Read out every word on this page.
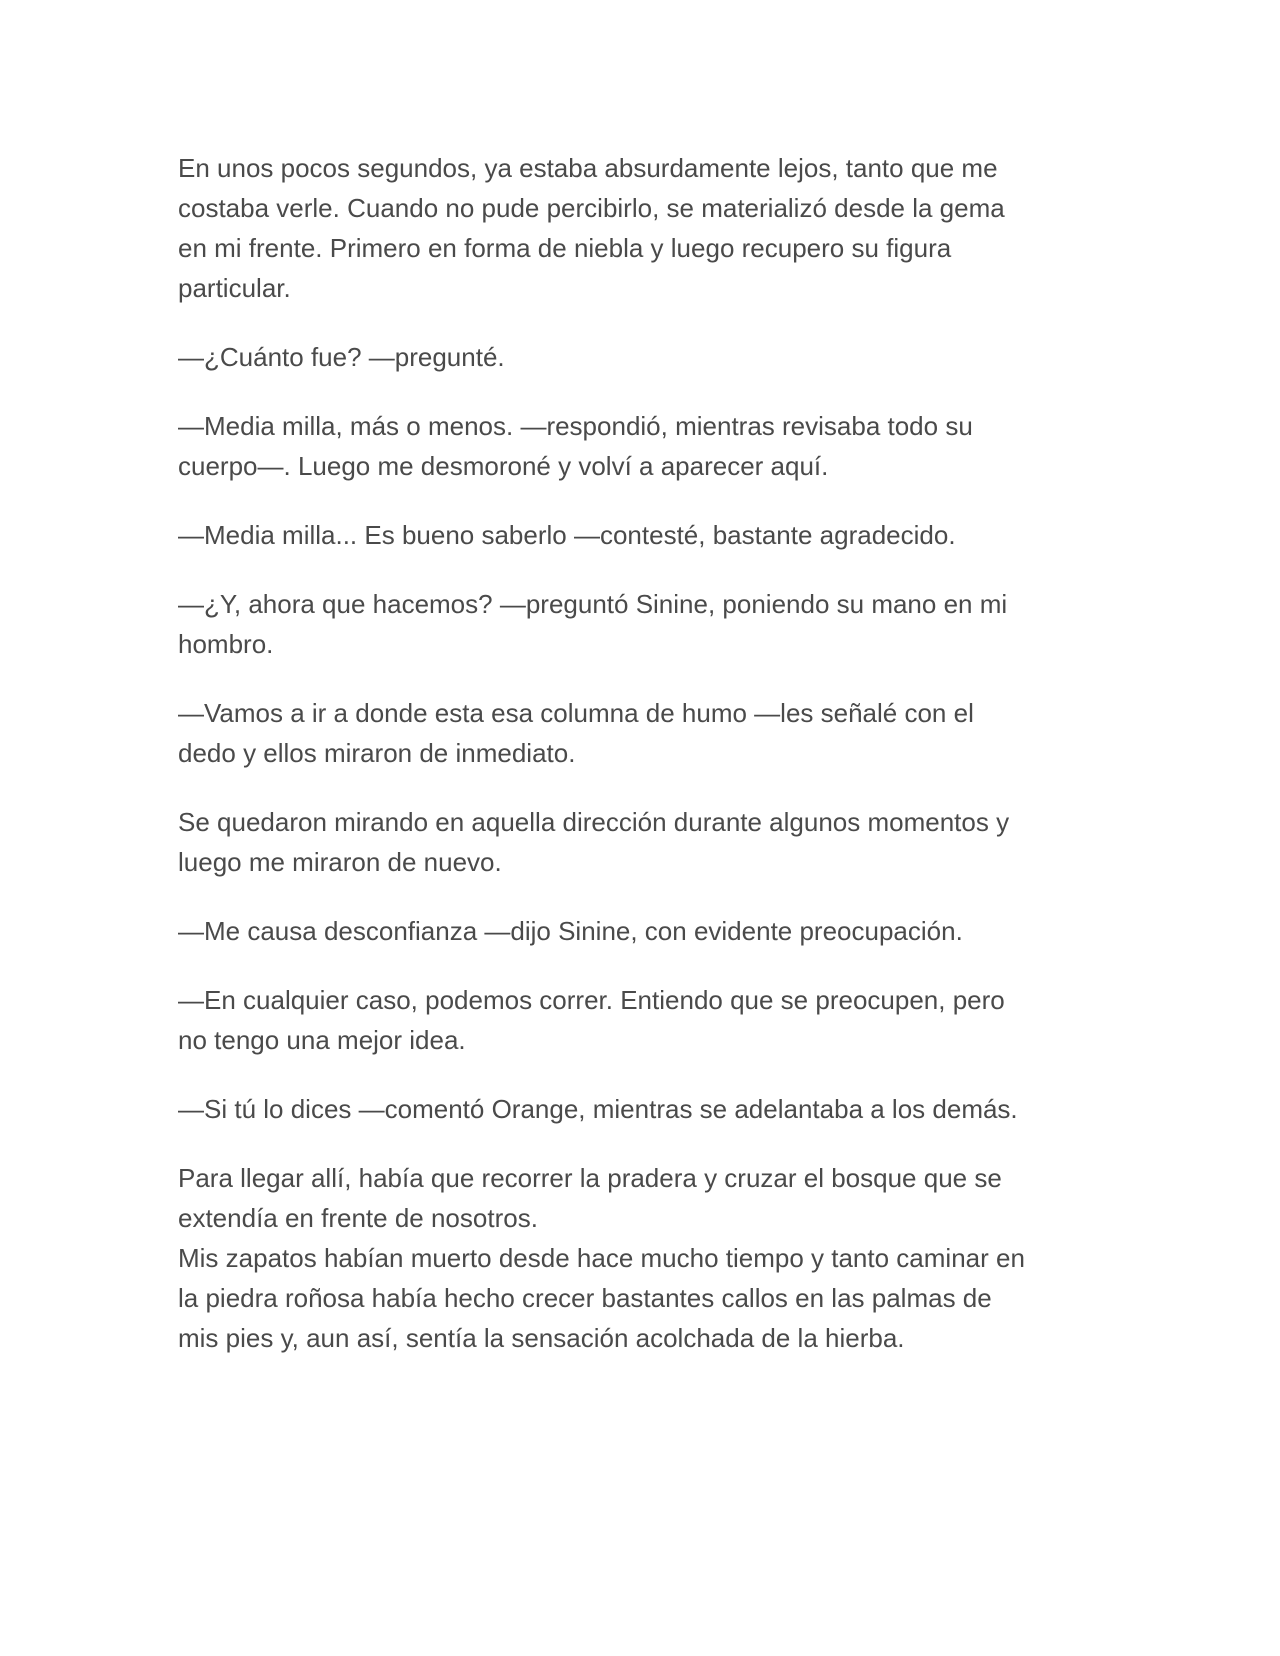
En unos pocos segundos, ya estaba absurdamente lejos, tanto que me
costaba verle. Cuando no pude percibirlo, se materializó desde la gema
en mi frente. Primero en forma de niebla y luego recupero su figura
particular.

—¿Cuánto fue? —pregunté.

—Media milla, más o menos. —respondió, mientras revisaba todo su
cuerpo—. Luego me desmoroné y volví a aparecer aquí.

—Media milla... Es bueno saberlo —contesté, bastante agradecido.

—¿Y, ahora que hacemos? —preguntó Sinine, poniendo su mano en mi
hombro.

—Vamos a ir a donde esta esa columna de humo —les señalé con el
dedo y ellos miraron de inmediato.

Se quedaron mirando en aquella dirección durante algunos momentos y
luego me miraron de nuevo.

—Me causa desconfianza —dijo Sinine, con evidente preocupación.

—En cualquier caso, podemos correr. Entiendo que se preocupen, pero
no tengo una mejor idea.

—Si tú lo dices —comentó Orange, mientras se adelantaba a los demás.

Para llegar allí, había que recorrer la pradera y cruzar el bosque que se
extendía en frente de nosotros.
Mis zapatos habían muerto desde hace mucho tiempo y tanto caminar en
la piedra roñosa había hecho crecer bastantes callos en las palmas de
mis pies y, aun así, sentía la sensación acolchada de la hierba.
